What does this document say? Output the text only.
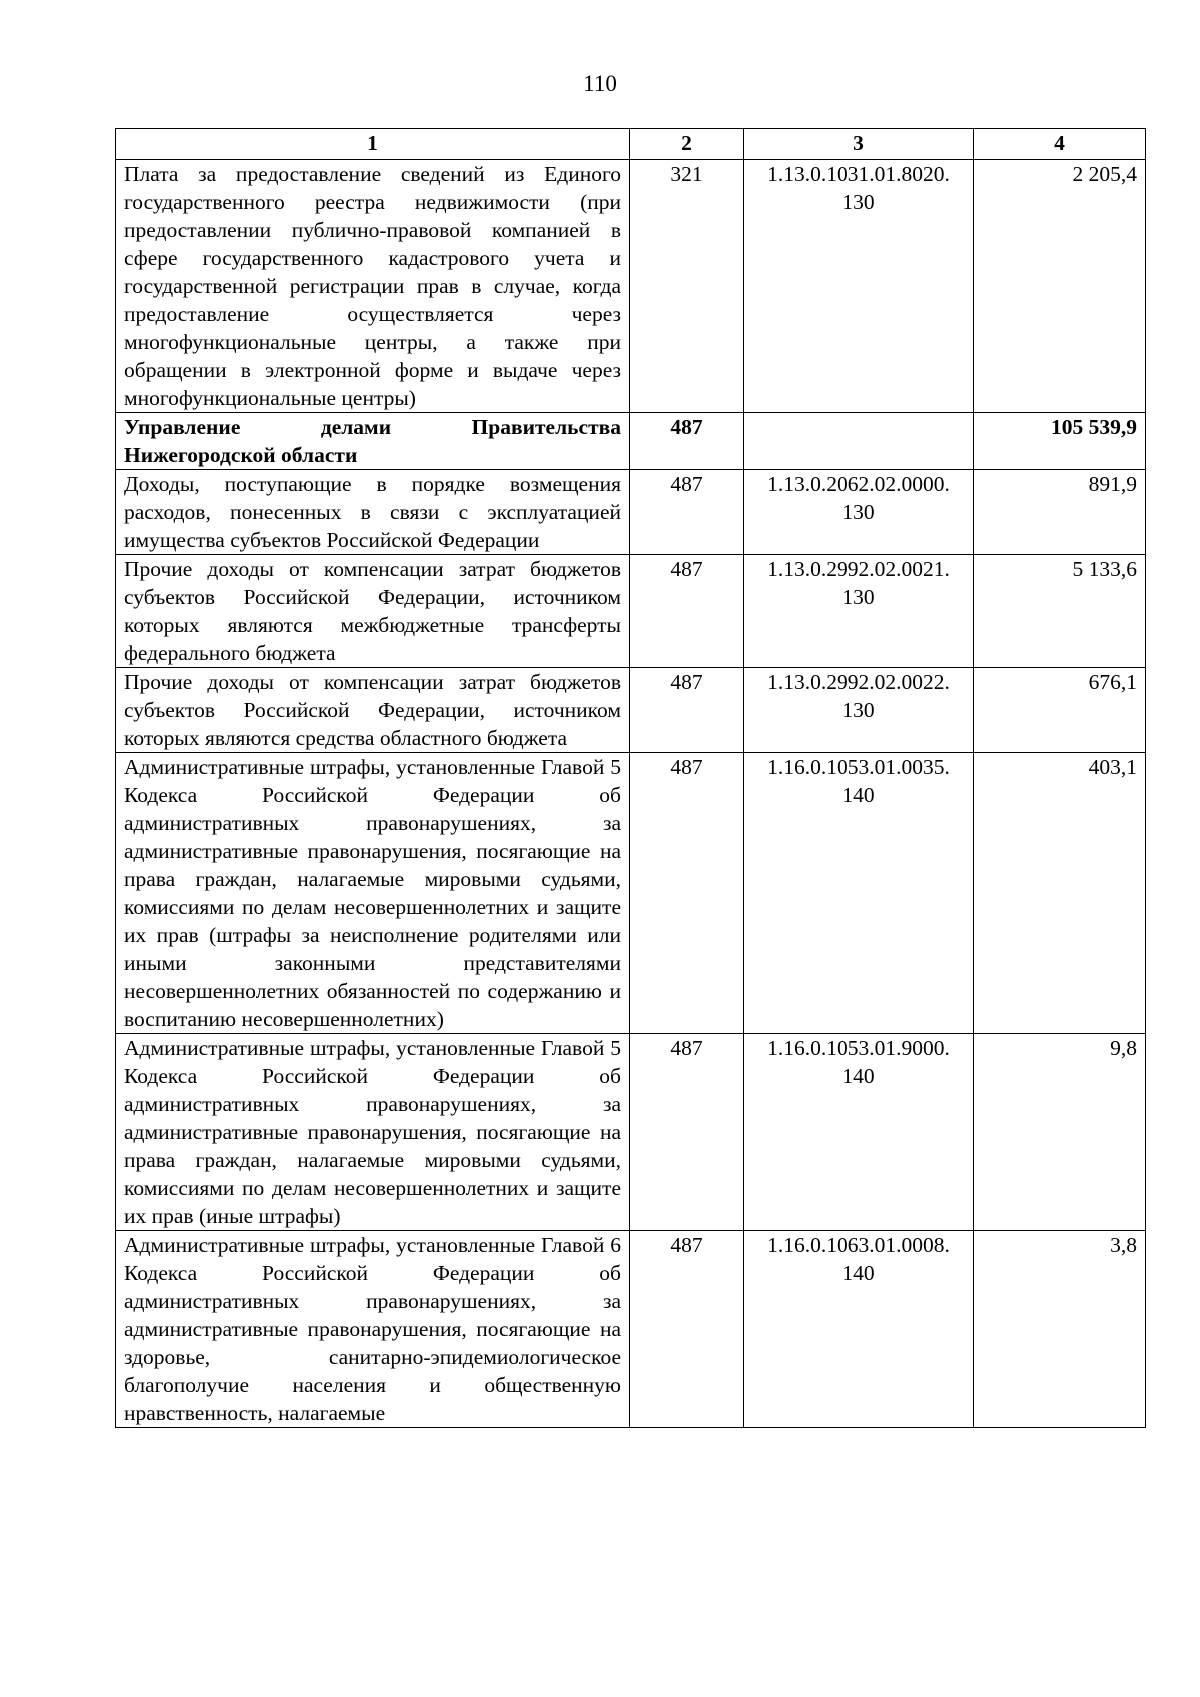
110
1	2	3	4
Плата за предоставление сведений из Единого государственного реестра недвижимости (при предоставлении публично-правовой компанией в сфере государственного кадастрового учета и государственной регистрации прав в случае, когда предоставление осуществляется через многофункциональные центры, а также при обращении в электронной форме и выдаче через многофункциональные центры)	321	1.13.0.1031.01.8020. 130	2 205,4
Управление делами Правительства Нижегородской области	487		105 539,9
Доходы, поступающие в порядке возмещения расходов, понесенных в связи с эксплуатацией имущества субъектов Российской Федерации	487	1.13.0.2062.02.0000. 130	891,9
Прочие доходы от компенсации затрат бюджетов субъектов Российской Федерации, источником которых являются межбюджетные трансферты федерального бюджета	487	1.13.0.2992.02.0021. 130	5 133,6
Прочие доходы от компенсации затрат бюджетов субъектов Российской Федерации, источником которых являются средства областного бюджета	487	1.13.0.2992.02.0022. 130	676,1
Административные штрафы, установленные Главой 5 Кодекса Российской Федерации об административных правонарушениях, за административные правонарушения, посягающие на права граждан, налагаемые мировыми судьями, комиссиями по делам несовершеннолетних и защите их прав (штрафы за неисполнение родителями или иными законными представителями несовершеннолетних обязанностей по содержанию и воспитанию несовершеннолетних)	487	1.16.0.1053.01.0035. 140	403,1
Административные штрафы, установленные Главой 5 Кодекса Российской Федерации об административных правонарушениях, за административные правонарушения, посягающие на права граждан, налагаемые мировыми судьями, комиссиями по делам несовершеннолетних и защите их прав (иные штрафы)	487	1.16.0.1053.01.9000. 140	9,8
Административные штрафы, установленные Главой 6 Кодекса Российской Федерации об административных правонарушениях, за административные правонарушения, посягающие на здоровье, санитарно-эпидемиологическое благополучие населения и общественную нравственность, налагаемые	487	1.16.0.1063.01.0008. 140	3,8
